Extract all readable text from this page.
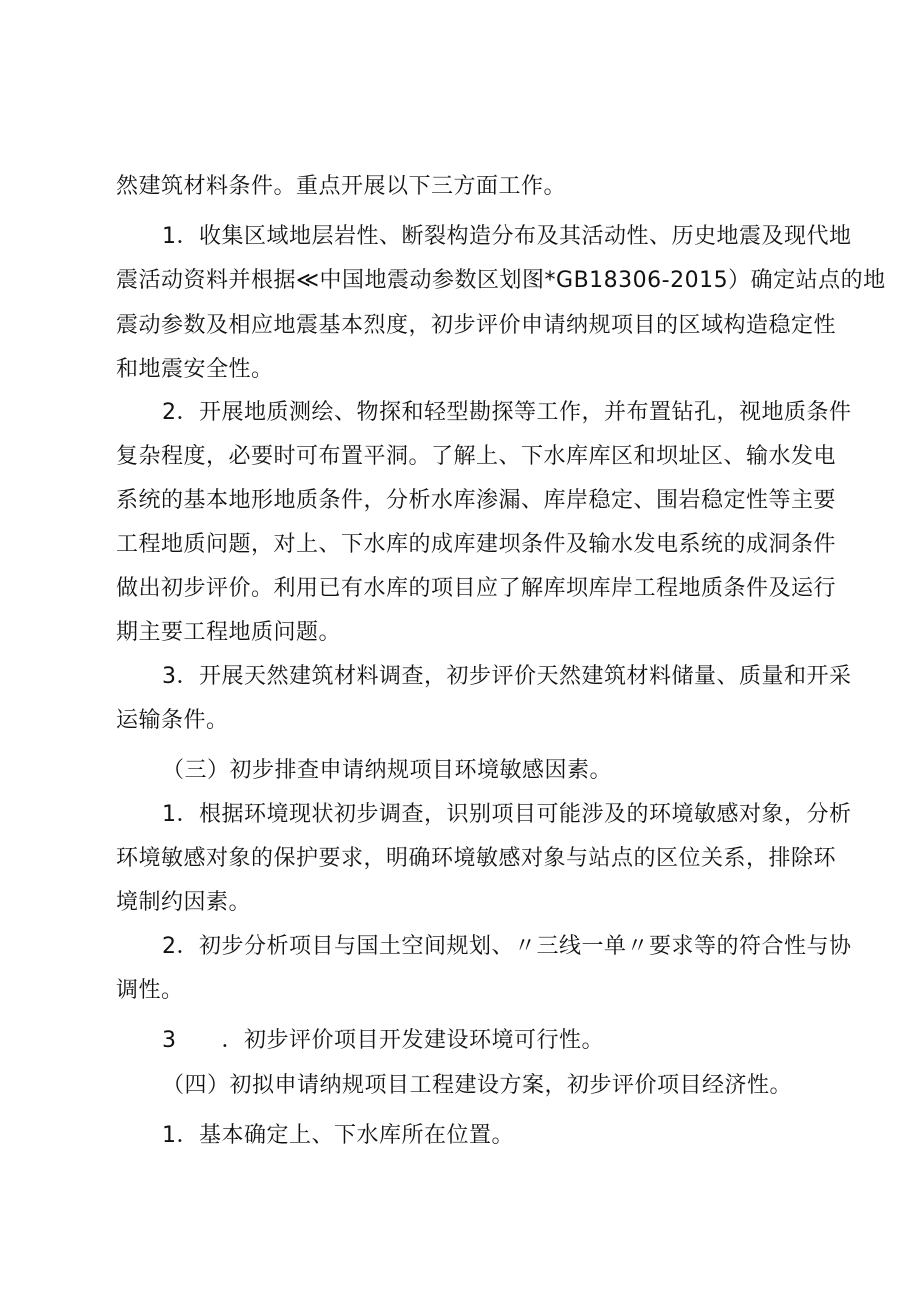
然建筑材料条件。重点开展以下三方面工作。
1．收集区域地层岩性、断裂构造分布及其活动性、历史地震及现代地
震活动资料并根据≪中国地震动参数区划图*GB18306-2015）确定站点的地
震动参数及相应地震基本烈度，初步评价申请纳规项目的区域构造稳定性
和地震安全性。
2．开展地质测绘、物探和轻型勘探等工作，并布置钻孔，视地质条件
复杂程度，必要时可布置平洞。了解上、下水库库区和坝址区、输水发电
系统的基本地形地质条件，分析水库渗漏、库岸稳定、围岩稳定性等主要
工程地质问题，对上、下水库的成库建坝条件及输水发电系统的成洞条件
做出初步评价。利用已有水库的项目应了解库坝库岸工程地质条件及运行
期主要工程地质问题。
3．开展天然建筑材料调查，初步评价天然建筑材料储量、质量和开采
运输条件。
（三）初步排查申请纳规项目环境敏感因素。
1．根据环境现状初步调查，识别项目可能涉及的环境敏感对象，分析
环境敏感对象的保护要求，明确环境敏感对象与站点的区位关系，排除环
境制约因素。
2．初步分析项目与国土空间规划、〃三线一单〃要求等的符合性与协
调性。
3　　．初步评价项目开发建设环境可行性。
（四）初拟申请纳规项目工程建设方案，初步评价项目经济性。
1．基本确定上、下水库所在位置。
